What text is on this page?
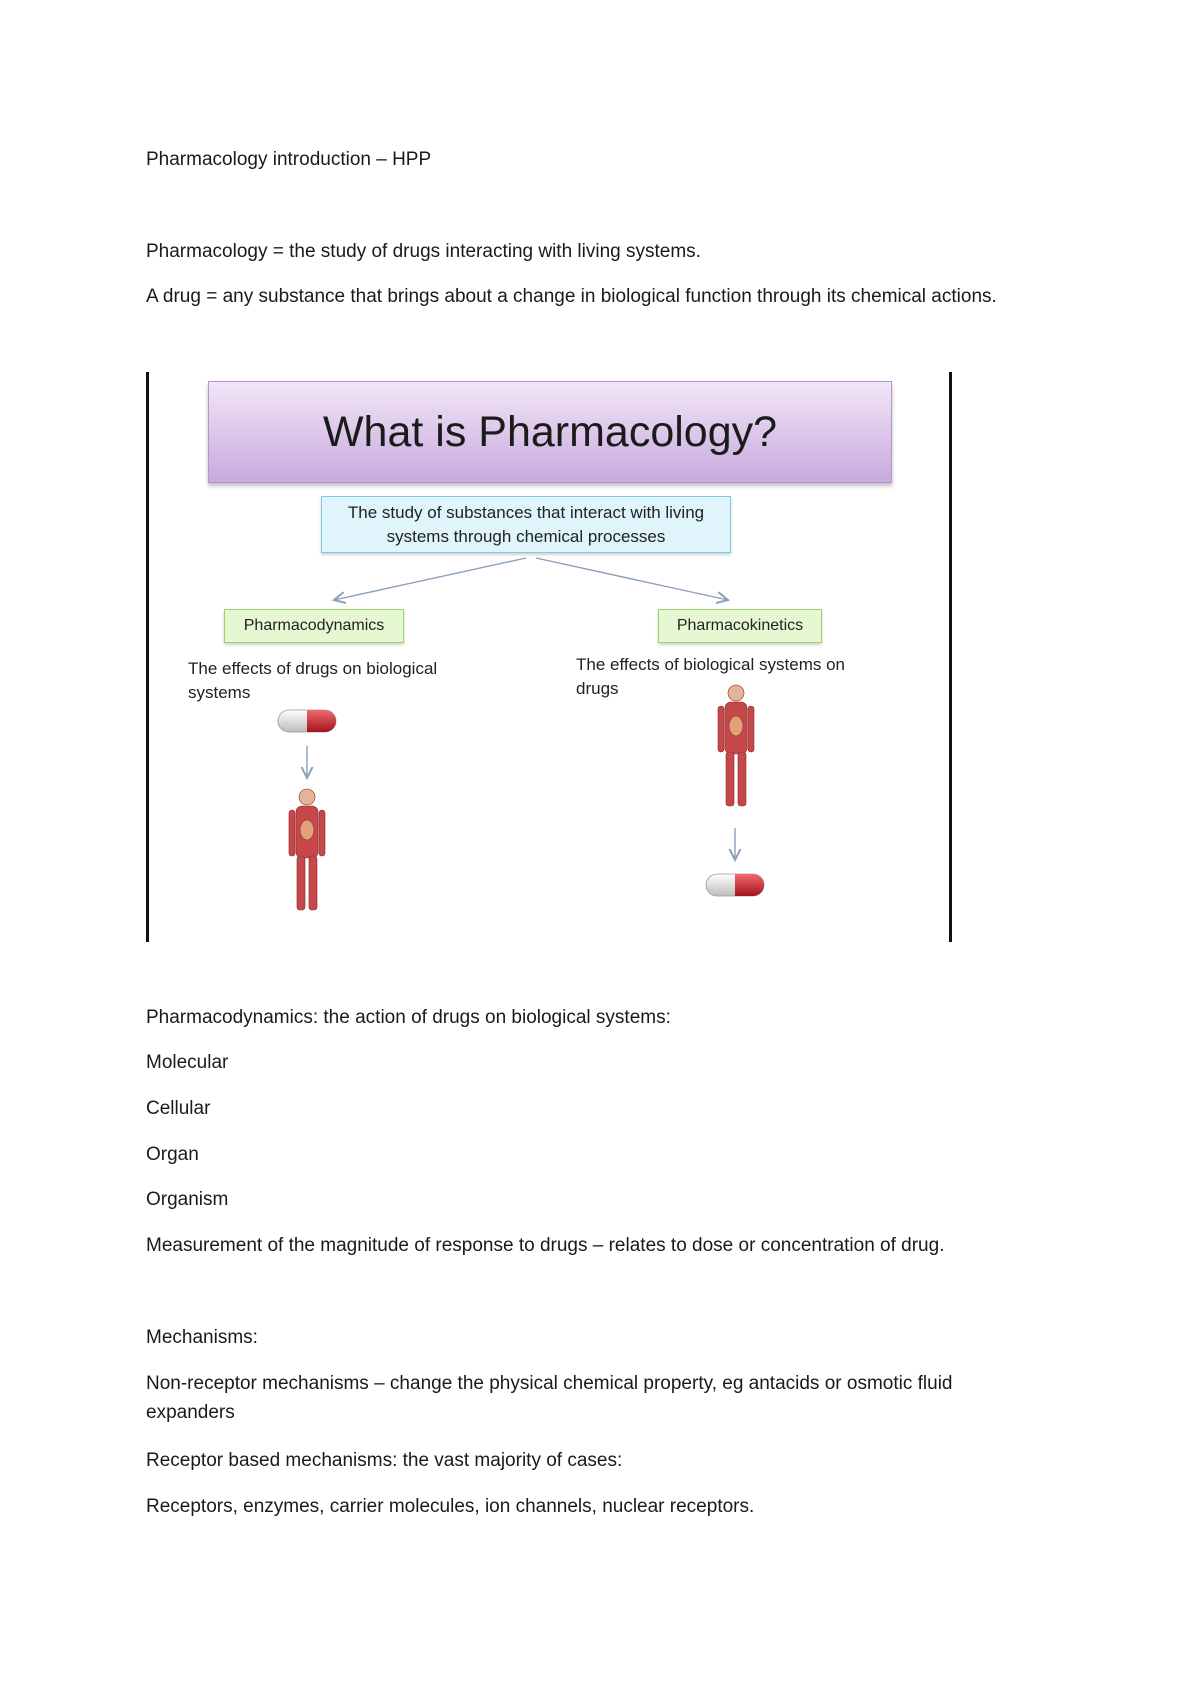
Pharmacology introduction – HPP
Pharmacology = the study of drugs interacting with living systems.
A drug = any substance that brings about a change in biological function through its chemical actions.
What is Pharmacology?
The study of substances that interact with living
systems through chemical processes
Pharmacodynamics	Pharmacokinetics
The effects of drugs on biological
systems
The effects of biological systems on
drugs
Pharmacodynamics: the action of drugs on biological systems:
Molecular
Cellular
Organ
Organism
Measurement of the magnitude of response to drugs – relates to dose or concentration of drug.
Mechanisms:
Non-receptor mechanisms – change the physical chemical property, eg antacids or osmotic fluid expanders
Receptor based mechanisms: the vast majority of cases:
Receptors, enzymes, carrier molecules, ion channels, nuclear receptors.
